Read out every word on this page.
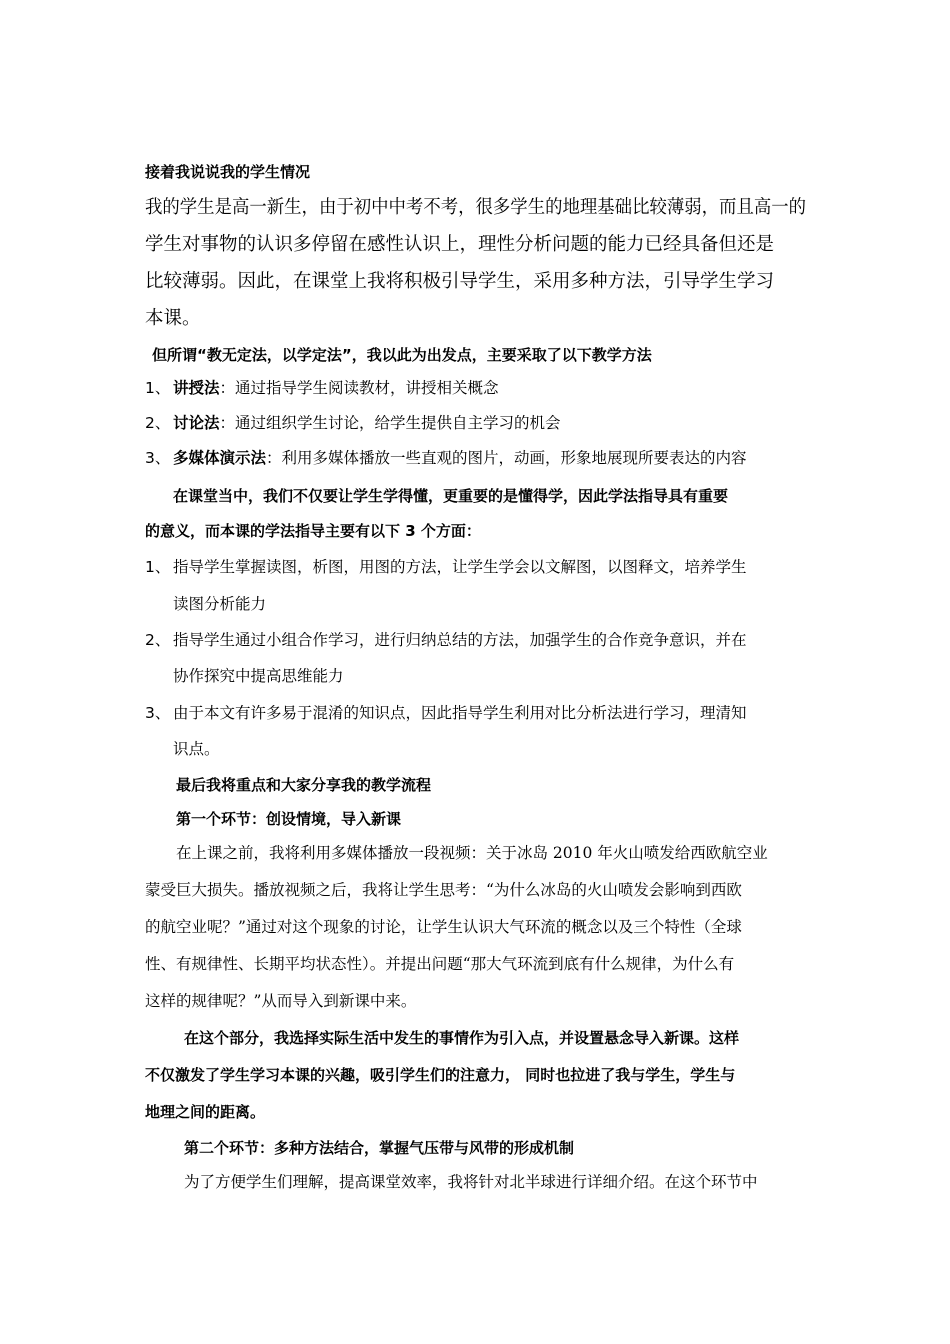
接着我说说我的学生情况
我的学生是高一新生，由于初中中考不考，很多学生的地理基础比较薄弱，而且高一的
学生对事物的认识多停留在感性认识上，理性分析问题的能力已经具备但还是
比较薄弱。因此，在课堂上我将积极引导学生，采用多种方法，引导学生学习
本课。
但所谓“教无定法，以学定法”，我以此为出发点，主要采取了以下教学方法
1、 讲授法：通过指导学生阅读教材，讲授相关概念
2、 讨论法：通过组织学生讨论，给学生提供自主学习的机会
3、 多媒体演示法：利用多媒体播放一些直观的图片，动画，形象地展现所要表达的内容
在课堂当中，我们不仅要让学生学得懂，更重要的是懂得学，因此学法指导具有重要
的意义，而本课的学法指导主要有以下 3 个方面：
1、 指导学生掌握读图，析图，用图的方法，让学生学会以文解图，以图释文，培养学生
读图分析能力
2、 指导学生通过小组合作学习，进行归纳总结的方法，加强学生的合作竞争意识，并在
协作探究中提高思维能力
3、 由于本文有许多易于混淆的知识点，因此指导学生利用对比分析法进行学习，理清知
识点。
最后我将重点和大家分享我的教学流程
第一个环节：创设情境，导入新课
在上课之前，我将利用多媒体播放一段视频：关于冰岛 2010 年火山喷发给西欧航空业
蒙受巨大损失。播放视频之后，我将让学生思考：“为什么冰岛的火山喷发会影响到西欧
的航空业呢？”通过对这个现象的讨论，让学生认识大气环流的概念以及三个特性（全球
性、有规律性、长期平均状态性）。并提出问题“那大气环流到底有什么规律，为什么有
这样的规律呢？”从而导入到新课中来。
在这个部分，我选择实际生活中发生的事情作为引入点，并设置悬念导入新课。这样
不仅激发了学生学习本课的兴趣，吸引学生们的注意力， 同时也拉进了我与学生，学生与
地理之间的距离。
第二个环节：多种方法结合，掌握气压带与风带的形成机制
为了方便学生们理解，提高课堂效率，我将针对北半球进行详细介绍。在这个环节中
